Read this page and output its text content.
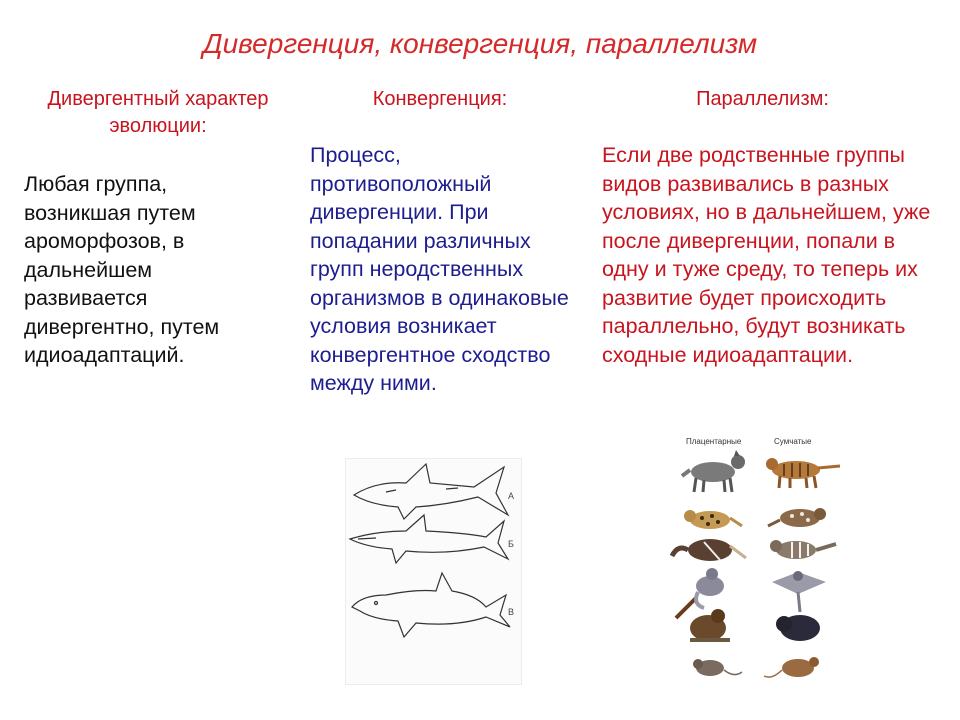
Дивергенция, конвергенция, параллелизм
Дивергентный характер эволюции:
Любая группа, возникшая путем ароморфозов, в дальнейшем развивается дивергентно, путем идиоадаптаций.
Конвергенция:
Процесс, противоположный дивергенции. При попадании различных групп неродственных организмов в одинаковые условия возникает конвергентное сходство между ними.
Параллелизм:
Если две родственные группы видов развивались в разных условиях, но в дальнейшем, уже после дивергенции, попали в одну и туже среду, то теперь их развитие будет происходить параллельно, будут возникать сходные идиоадаптации.
А
Б
В
Плацентарные	Сумчатые
